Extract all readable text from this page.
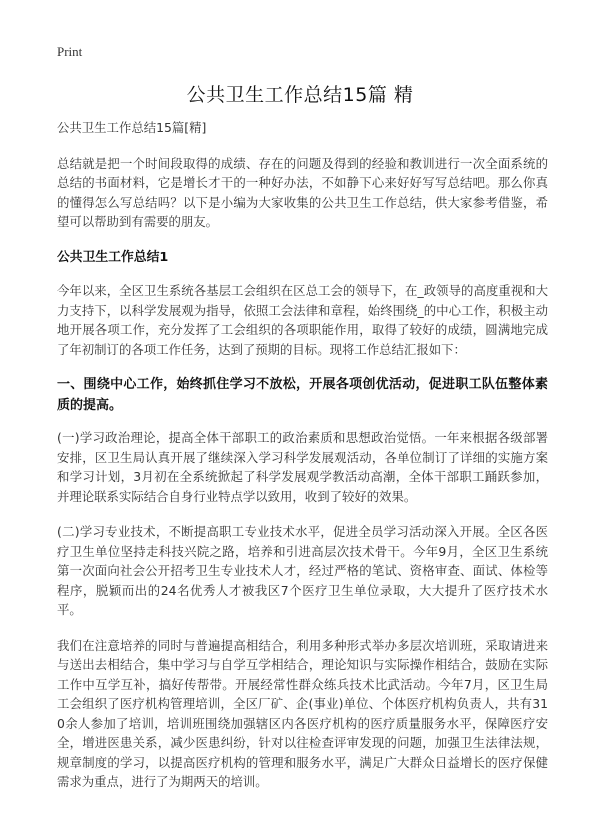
Print
公共卫生工作总结15篇 精

公共卫生工作总结15篇[精]

总结就是把一个时间段取得的成绩、存在的问题及得到的经验和教训进行一次全面系统的总结的书面材料，它是增长才干的一种好办法，不如静下心来好好写写总结吧。那么你真的懂得怎么写总结吗？以下是小编为大家收集的公共卫生工作总结，供大家参考借鉴，希望可以帮助到有需要的朋友。

公共卫生工作总结1

今年以来，全区卫生系统各基层工会组织在区总工会的领导下，在_政领导的高度重视和大力支持下，以科学发展观为指导，依照工会法律和章程，始终围绕_的中心工作，积极主动地开展各项工作，充分发挥了工会组织的各项职能作用，取得了较好的成绩，圆满地完成了年初制订的各项工作任务，达到了预期的目标。现将工作总结汇报如下：

一、围绕中心工作，始终抓住学习不放松，开展各项创优活动，促进职工队伍整体素质的提高。

(一)学习政治理论，提高全体干部职工的政治素质和思想政治觉悟。一年来根据各级部署安排，区卫生局认真开展了继续深入学习科学发展观活动，各单位制订了详细的实施方案和学习计划，3月初在全系统掀起了科学发展观学教活动高潮，全体干部职工踊跃参加，并理论联系实际结合自身行业特点学以致用，收到了较好的效果。

(二)学习专业技术，不断提高职工专业技术水平，促进全员学习活动深入开展。全区各医疗卫生单位坚持走科技兴院之路，培养和引进高层次技术骨干。今年9月，全区卫生系统第一次面向社会公开招考卫生专业技术人才，经过严格的笔试、资格审查、面试、体检等程序，脱颖而出的24名优秀人才被我区7个医疗卫生单位录取，大大提升了医疗技术水平。

我们在注意培养的同时与普遍提高相结合，利用多种形式举办多层次培训班，采取请进来与送出去相结合，集中学习与自学互学相结合，理论知识与实际操作相结合，鼓励在实际工作中互学互补，搞好传帮带。开展经常性群众练兵技术比武活动。今年7月，区卫生局工会组织了医疗机构管理培训，全区厂矿、企(事业)单位、个体医疗机构负责人，共有310余人参加了培训，培训班围绕加强辖区内各医疗机构的医疗质量服务水平，保障医疗安全，增进医患关系，减少医患纠纷，针对以往检查评审发现的问题，加强卫生法律法规，规章制度的学习，以提高医疗机构的管理和服务水平，满足广大群众日益增长的医疗保健需求为重点，进行了为期两天的培训。
